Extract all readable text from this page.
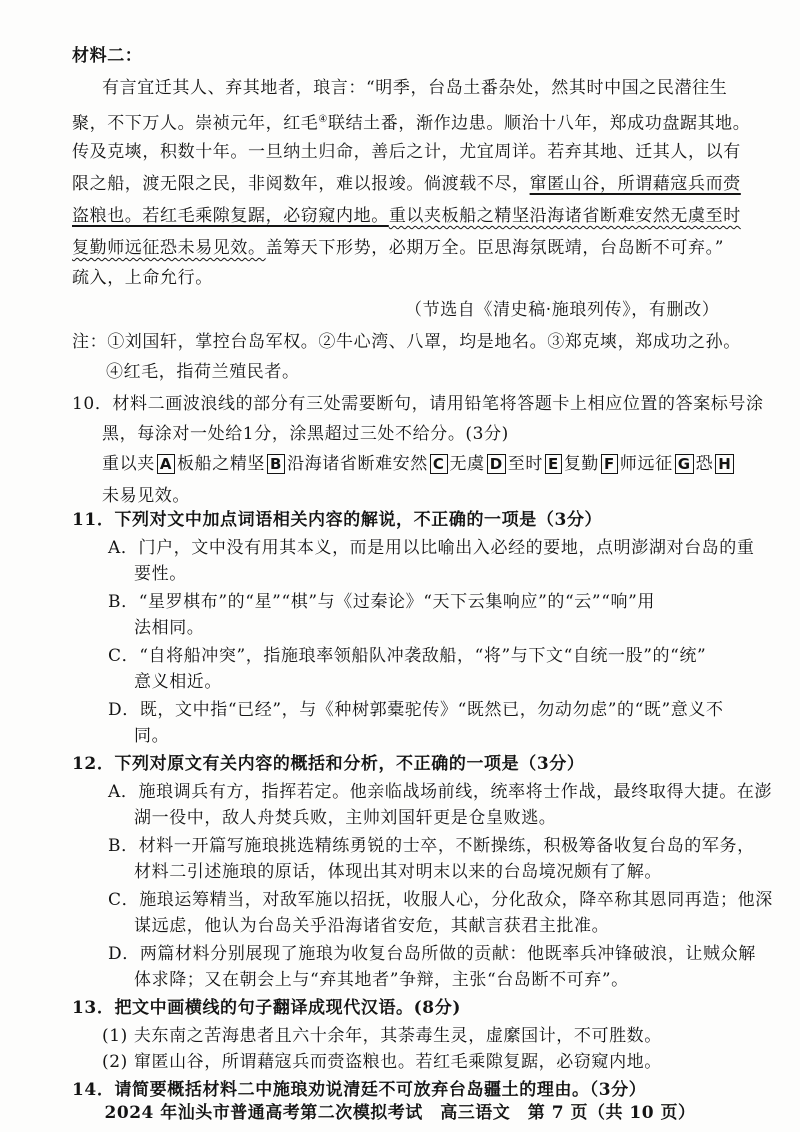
材料二：
有言宜迁其人、弃其地者，琅言：“明季，台岛土番杂处，然其时中国之民潜往生
聚，不下万人。崇祯元年，红毛④联结土番，渐作边患。顺治十八年，郑成功盘踞其地。
传及克塽，积数十年。一旦纳土归命，善后之计，尤宜周详。若弃其地、迁其人，以有
限之船，渡无限之民，非阅数年，难以报竣。倘渡载不尽，窜匿山谷，所谓藉寇兵而赍
盗粮也。若红毛乘隙复踞，必窃窥内地。重以夹板船之精坚沿海诸省断难安然无虞至时
复勤师远征恐未易见效。盖筹天下形势，必期万全。臣思海氛既靖，台岛断不可弃。”
疏入，上命允行。
（节选自《清史稿·施琅列传》，有删改）
注：①刘国轩，掌控台岛军权。②牛心湾、八罩，均是地名。③郑克塽，郑成功之孙。
④红毛，指荷兰殖民者。
10．材料二画波浪线的部分有三处需要断句，请用铅笔将答题卡上相应位置的答案标号涂
黑，每涂对一处给1分，涂黑超过三处不给分。(3分)
重以夹 A 板船之精坚 B 沿海诸省断难安然 C 无虞 D 至时 E 复勤 F 师远征 G 恐 H
未易见效。
11．下列对文中加点词语相关内容的解说，不正确的一项是（3分）
A．门户，文中没有用其本义，而是用以比喻出入必经的要地，点明澎湖对台岛的重
要性。
B．“星罗棋布”的“星”“棋”与《过秦论》“天下云集响应”的“云”“响”用
法相同。
C．“自将船冲突”，指施琅率领船队冲袭敌船，“将”与下文“自统一股”的“统”
意义相近。
D．既，文中指“已经”，与《种树郭橐驼传》“既然已，勿动勿虑”的“既”意义不
同。
12．下列对原文有关内容的概括和分析，不正确的一项是（3分）
A．施琅调兵有方，指挥若定。他亲临战场前线，统率将士作战，最终取得大捷。在澎
湖一役中，敌人舟焚兵败，主帅刘国轩更是仓皇败逃。
B．材料一开篇写施琅挑选精练勇锐的士卒，不断操练，积极筹备收复台岛的军务，
材料二引述施琅的原话，体现出其对明末以来的台岛境况颇有了解。
C．施琅运筹精当，对敌军施以招抚，收服人心，分化敌众，降卒称其恩同再造；他深
谋远虑，他认为台岛关乎沿海诸省安危，其献言获君主批准。
D．两篇材料分别展现了施琅为收复台岛所做的贡献：他既率兵冲锋破浪，让贼众解
体求降；又在朝会上与“弃其地者”争辩，主张“台岛断不可弃”。
13．把文中画横线的句子翻译成现代汉语。(8分)
(1) 夫东南之苦海患者且六十余年，其荼毒生灵，虚縻国计，不可胜数。
(2) 窜匿山谷，所谓藉寇兵而赍盗粮也。若红毛乘隙复踞，必窃窥内地。
14．请简要概括材料二中施琅劝说清廷不可放弃台岛疆土的理由。（3分）
2024 年汕头市普通高考第二次模拟考试　高三语文　第 7 页（共 10 页）
